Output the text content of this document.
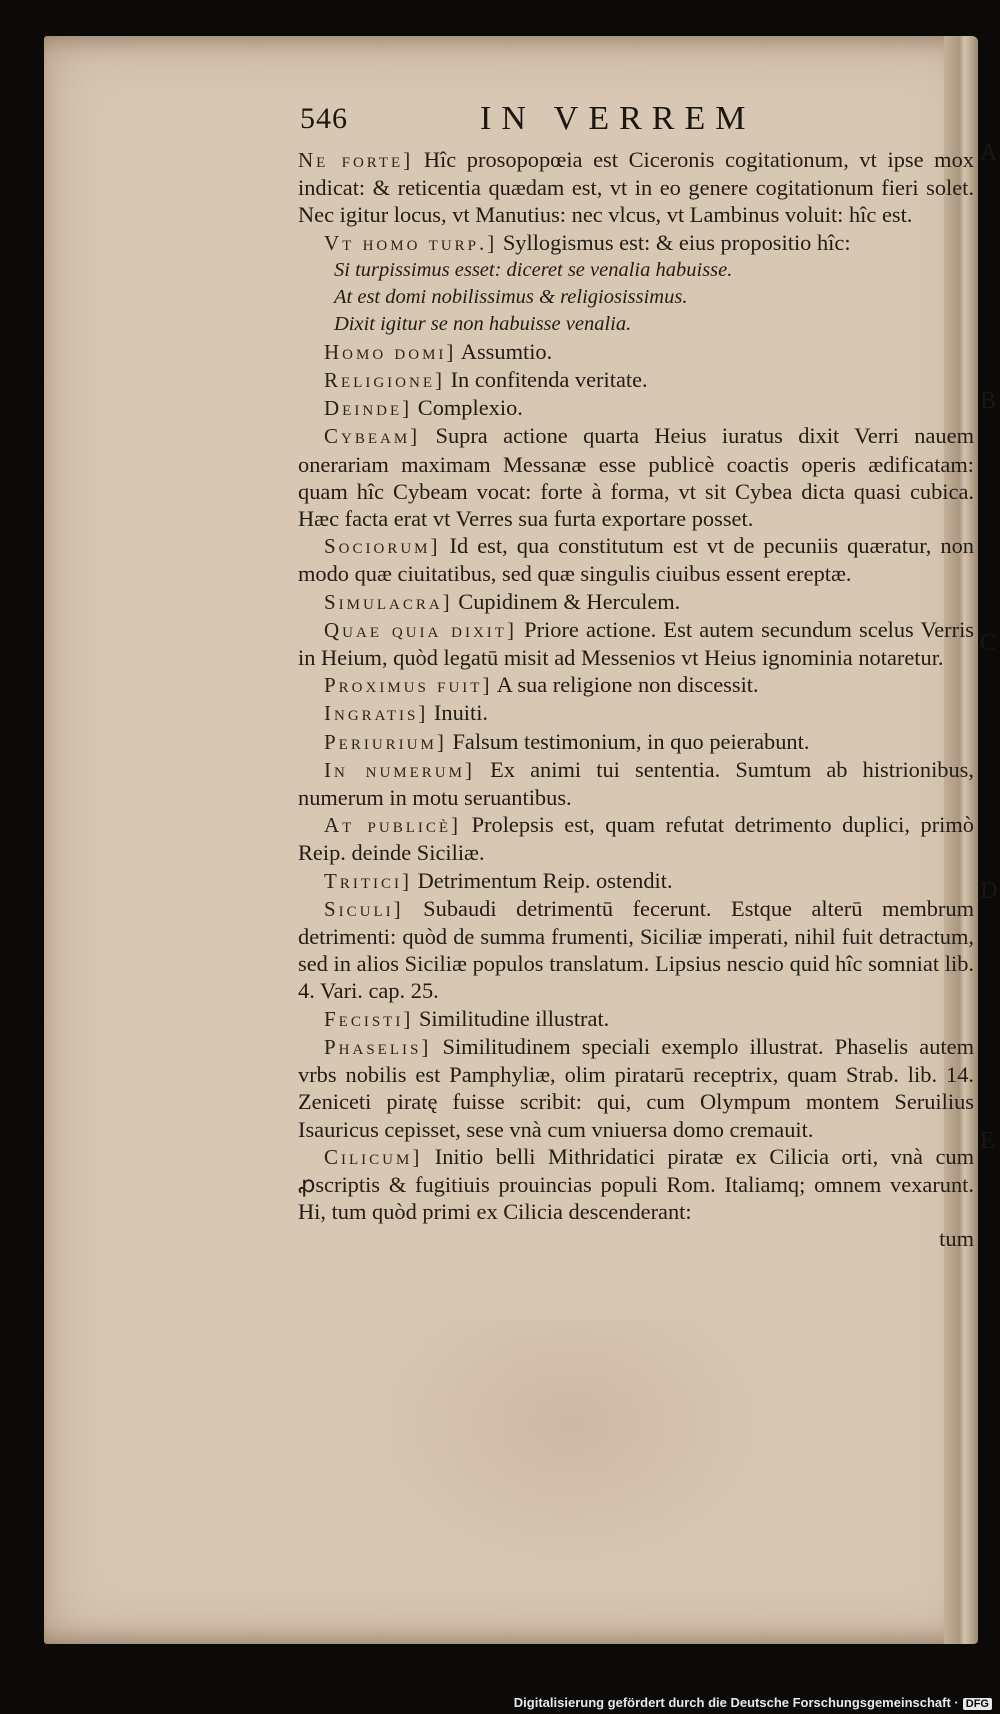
546	IN VERREM

Ne forte] Hîc prosopopœia est Ciceronis cogitationum, vt ipse mox indicat: & reticentia quædam est, vt in eo genere cogitationum fieri solet. Nec igitur locus, vt Manutius: nec vlcus, vt Lambinus voluit: hîc est.

Vt homo turp.] Syllogismus est: & eius propositio hîc:

Si turpissimus esset: diceret se venalia habuisse.

At est domi nobilissimus & religiosissimus.

Dixit igitur se non habuisse venalia.

Homo domi] Assumtio.

Religione] In confitenda veritate.

Deinde] Complexio.

Cybeam] Supra actione quarta Heius iuratus dixit Verri nauem onerariam maximam Messanæ esse publicè coactis operis ædificatam: quam hîc Cybeam vocat: forte à forma, vt sit Cybea dicta quasi cubica. Hæc facta erat vt Verres sua furta exportare posset.

Sociorum] Id est, qua constitutum est vt de pecuniis quæratur, non modo quæ ciuitatibus, sed quæ singulis ciuibus essent ereptæ.

Simulacra] Cupidinem & Herculem.

Quae quia dixit] Priore actione. Est autem secundum scelus Verris in Heium, quòd legatū misit ad Messenios vt Heius ignominia notaretur.

Proximus fuit] A sua religione non discessit.

Ingratis] Inuiti.

Periurium] Falsum testimonium, in quo peierabunt.

In numerum] Ex animi tui sententia. Sumtum ab histrionibus, numerum in motu seruantibus.

At publicè] Prolepsis est, quam refutat detrimento duplici, primò Reip. deinde Siciliæ.

Tritici] Detrimentum Reip. ostendit.

Siculi] Subaudi detrimentū fecerunt. Estque alterū membrum detrimenti: quòd de summa frumenti, Siciliæ imperati, nihil fuit detractum, sed in alios Siciliæ populos translatum. Lipsius nescio quid hîc somniat lib. 4. Vari. cap. 25.

Fecisti] Similitudine illustrat.

Phaselis] Similitudinem speciali exemplo illustrat. Phaselis autem vrbs nobilis est Pamphyliæ, olim piratarū receptrix, quam Strab. lib. 14. Zeniceti piratę fuisse scribit: qui, cum Olympum montem Seruilius Isauricus cepisset, sese vnà cum vniuersa domo cremauit.

Cilicum] Initio belli Mithridatici piratæ ex Cilicia orti, vnà cum ꝓscriptis & fugitiuis prouincias populi Rom. Italiamq; omnem vexarunt. Hi, tum quòd primi ex Cilicia descenderant:

tum

A
B
C
D
E
Digitalisierung gefördert durch die Deutsche Forschungsgemeinschaft · DFG
